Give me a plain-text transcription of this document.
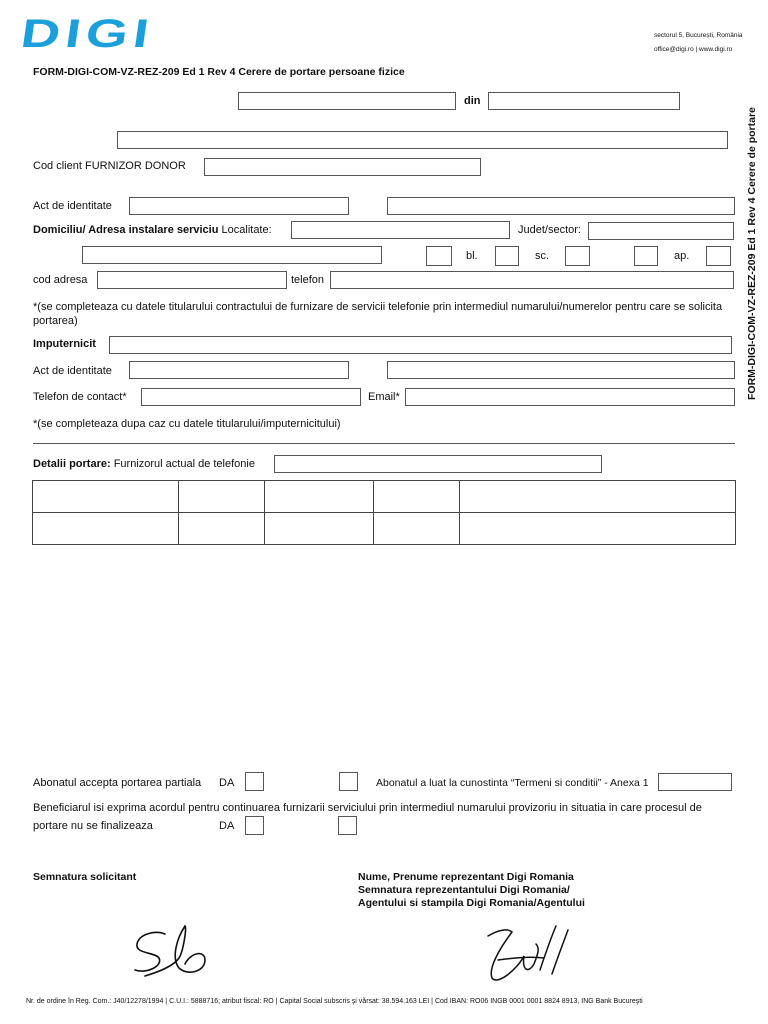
DIGI	sectorul 5, București, România
office@digi.ro | www.digi.ro
FORM-DIGI-COM-VZ-REZ-209 Ed 1 Rev 4 Cerere de portare persoane fizice
FORM-DIGI-COM-VZ-REZ-209 Ed 1 Rev 4 Cerere de portare
din
Cod client FURNIZOR DONOR
Act de identitate
Domiciliu/ Adresa instalare serviciu Localitate:	Judet/sector:
bl.	sc.	ap.
cod adresa	telefon
*(se completeaza cu datele titularului contractului de furnizare de servicii telefonie prin intermediul numarului/numerelor pentru care se solicita portarea)
Imputernicit
Act de identitate
Telefon de contact*	Email*
*(se completeaza dupa caz cu datele titularului/imputernicitului)
Detalii portare: Furnizorul actual de telefonie

Abonatul accepta portarea partiala DA	Abonatul a luat la cunostinta “Termeni si conditii” - Anexa 1
Beneficiarul isi exprima acordul pentru continuarea furnizarii serviciului prin intermediul numarului provizoriu in situatia in care procesul de
portare nu se finalizeaza	DA
Semnatura solicitant	Nume, Prenume reprezentant Digi Romania
Semnatura reprezentantului Digi Romania/
Agentului si stampila Digi Romania/Agentului
Nr. de ordine în Reg. Com.: J40/12278/1994 | C.U.I.: 5888716; atribut fiscal: RO | Capital Social subscris şi vărsat: 38.594.163 LEI | Cod IBAN: RO06 INGB 0001 0001 8824 8913, ING Bank Bucureşti
